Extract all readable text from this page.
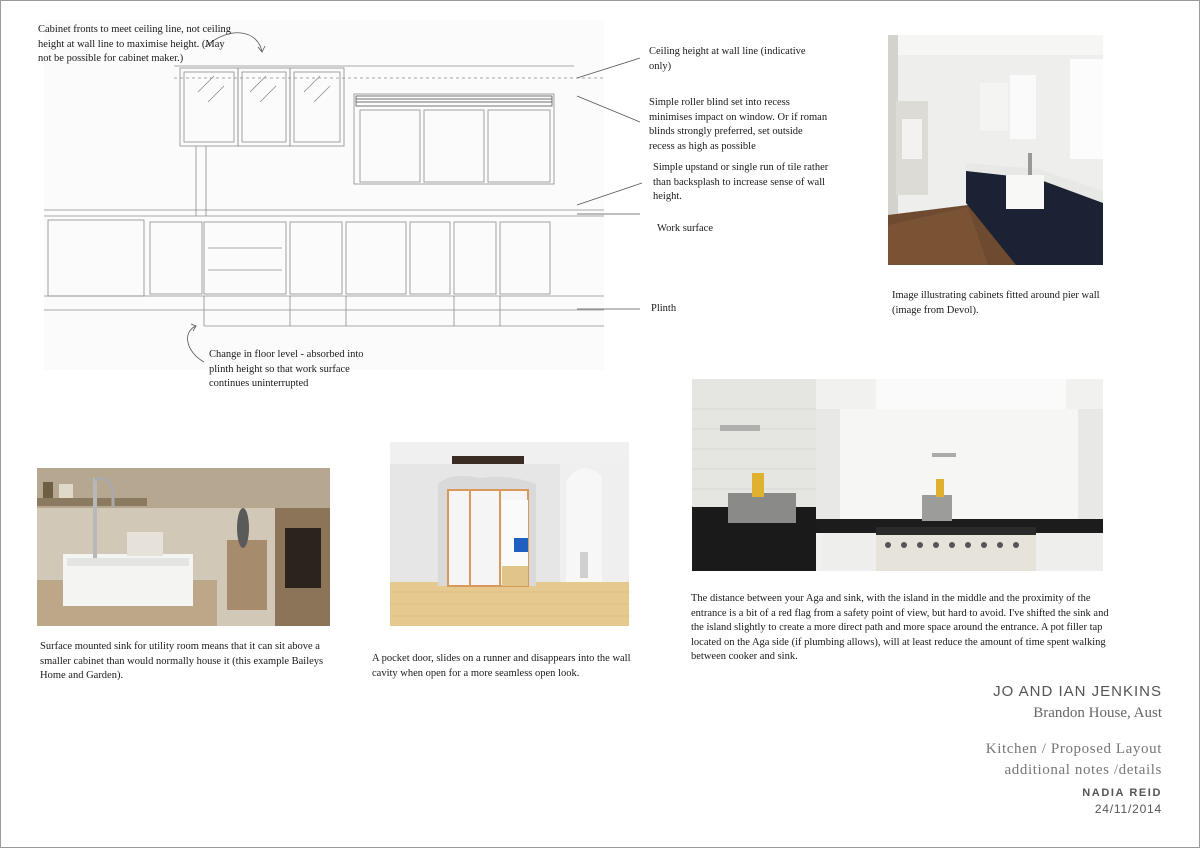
Cabinet fronts to meet ceiling line, not ceiling height at wall line to maximise height. (May not be possible for cabinet maker.)
Ceiling height at wall line (indicative only)
Simple roller blind set into recess minimises impact on window. Or if roman blinds strongly preferred, set outside recess as high as possible
Simple upstand or single run of tile rather than backsplash to increase sense of wall height.
Work surface
Plinth
Change in floor level - absorbed into plinth height so that work surface continues uninterrupted
Image illustrating cabinets fitted around pier wall (image from Devol).
The distance between your Aga and sink, with the island in the middle and the proximity of the entrance is a bit of a red flag from a safety point of view, but hard to avoid. I've shifted the sink and the island slightly to create a more direct path and more space around the entrance. A pot filler tap located on the Aga side (if plumbing allows), will at least reduce the amount of time spent walking between cooker and sink.
Surface mounted sink for utility room means that it can sit above a smaller cabinet than would normally house it (this example Baileys Home and Garden).
A pocket door, slides on a runner and disappears into the wall cavity when open for a more seamless open look.
JO AND IAN JENKINS
Brandon House, Aust
Kitchen / Proposed Layout
additional notes /details
NADIA REID
24/11/2014
